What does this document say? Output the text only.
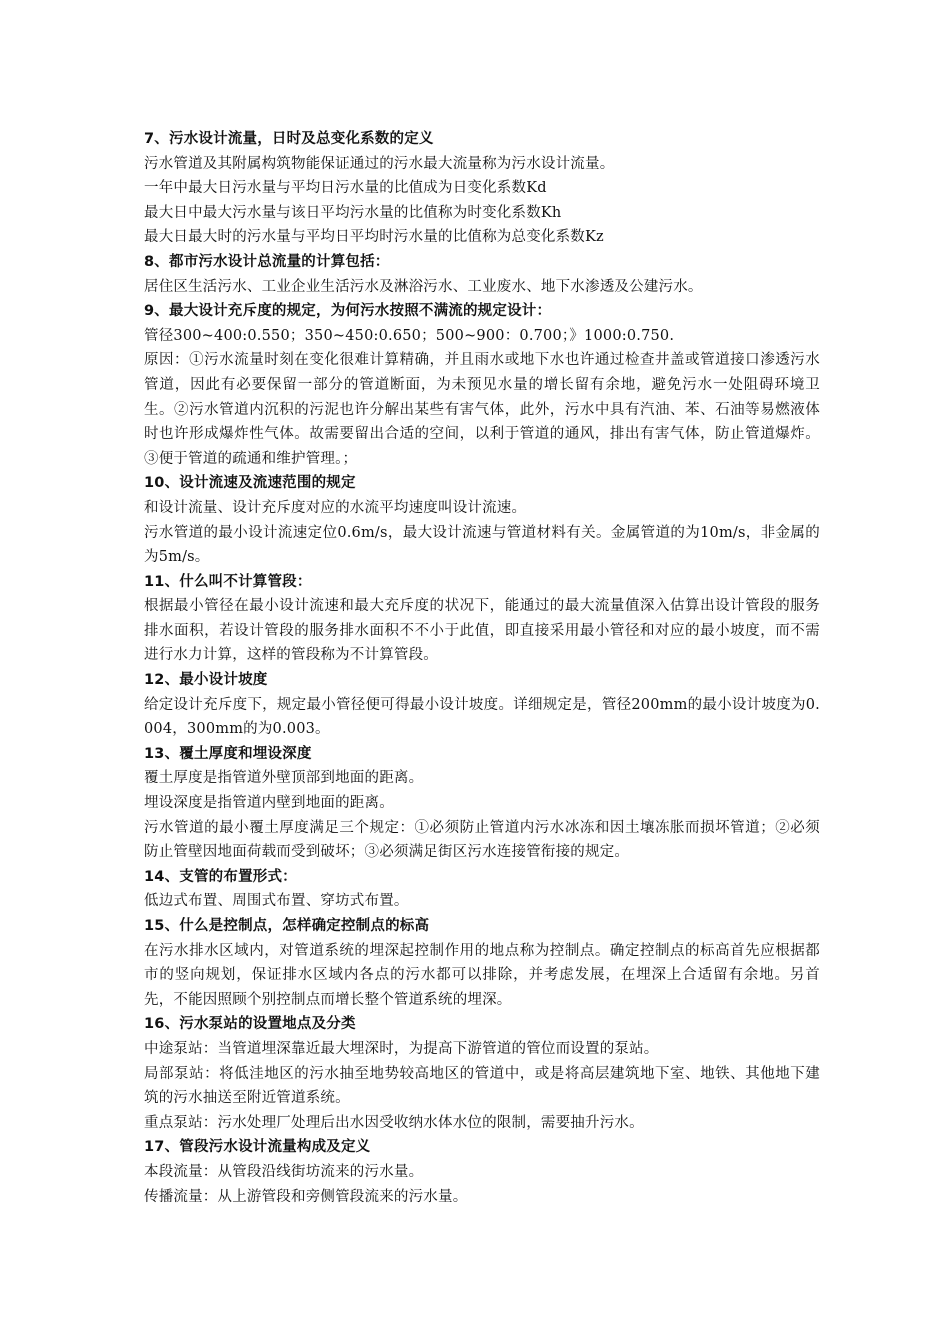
7、污水设计流量，日时及总变化系数的定义

污水管道及其附属构筑物能保证通过的污水最大流量称为污水设计流量。

一年中最大日污水量与平均日污水量的比值成为日变化系数Kd

最大日中最大污水量与该日平均污水量的比值称为时变化系数Kh

最大日最大时的污水量与平均日平均时污水量的比值称为总变化系数Kz

8、都市污水设计总流量的计算包括：

居住区生活污水、工业企业生活污水及淋浴污水、工业废水、地下水渗透及公建污水。

9、最大设计充斥度的规定，为何污水按照不满流的规定设计：

管径300~400:0.550；350~450:0.650；500~900：0.700；》1000:0.750.

原因：①污水流量时刻在变化很难计算精确，并且雨水或地下水也许通过检查井盖或管道接口渗透污水管道，因此有必要保留一部分的管道断面，为未预见水量的增长留有余地，避免污水一处阻碍环境卫生。②污水管道内沉积的污泥也许分解出某些有害气体，此外，污水中具有汽油、苯、石油等易燃液体时也许形成爆炸性气体。故需要留出合适的空间，以利于管道的通风，排出有害气体，防止管道爆炸。③便于管道的疏通和维护管理。；

10、设计流速及流速范围的规定

和设计流量、设计充斥度对应的水流平均速度叫设计流速。

污水管道的最小设计流速定位0.6m/s，最大设计流速与管道材料有关。金属管道的为10m/s，非金属的为5m/s。

11、什么叫不计算管段：

根据最小管径在最小设计流速和最大充斥度的状况下，能通过的最大流量值深入估算出设计管段的服务排水面积，若设计管段的服务排水面积不不小于此值，即直接采用最小管径和对应的最小坡度，而不需进行水力计算，这样的管段称为不计算管段。

12、最小设计坡度

给定设计充斥度下，规定最小管径便可得最小设计坡度。详细规定是，管径200mm的最小设计坡度为0.004，300mm的为0.003。

13、覆土厚度和埋设深度

覆土厚度是指管道外壁顶部到地面的距离。

埋设深度是指管道内壁到地面的距离。

污水管道的最小覆土厚度满足三个规定：①必须防止管道内污水冰冻和因土壤冻胀而损坏管道；②必须防止管壁因地面荷载而受到破坏；③必须满足街区污水连接管衔接的规定。

14、支管的布置形式：

低边式布置、周围式布置、穿坊式布置。

15、什么是控制点，怎样确定控制点的标高

在污水排水区域内，对管道系统的埋深起控制作用的地点称为控制点。确定控制点的标高首先应根据都市的竖向规划，保证排水区域内各点的污水都可以排除，并考虑发展，在埋深上合适留有余地。另首先，不能因照顾个别控制点而增长整个管道系统的埋深。

16、污水泵站的设置地点及分类

中途泵站：当管道埋深靠近最大埋深时，为提高下游管道的管位而设置的泵站。

局部泵站：将低洼地区的污水抽至地势较高地区的管道中，或是将高层建筑地下室、地铁、其他地下建筑的污水抽送至附近管道系统。

重点泵站：污水处理厂处理后出水因受收纳水体水位的限制，需要抽升污水。

17、管段污水设计流量构成及定义

本段流量：从管段沿线街坊流来的污水量。

传播流量：从上游管段和旁侧管段流来的污水量。
